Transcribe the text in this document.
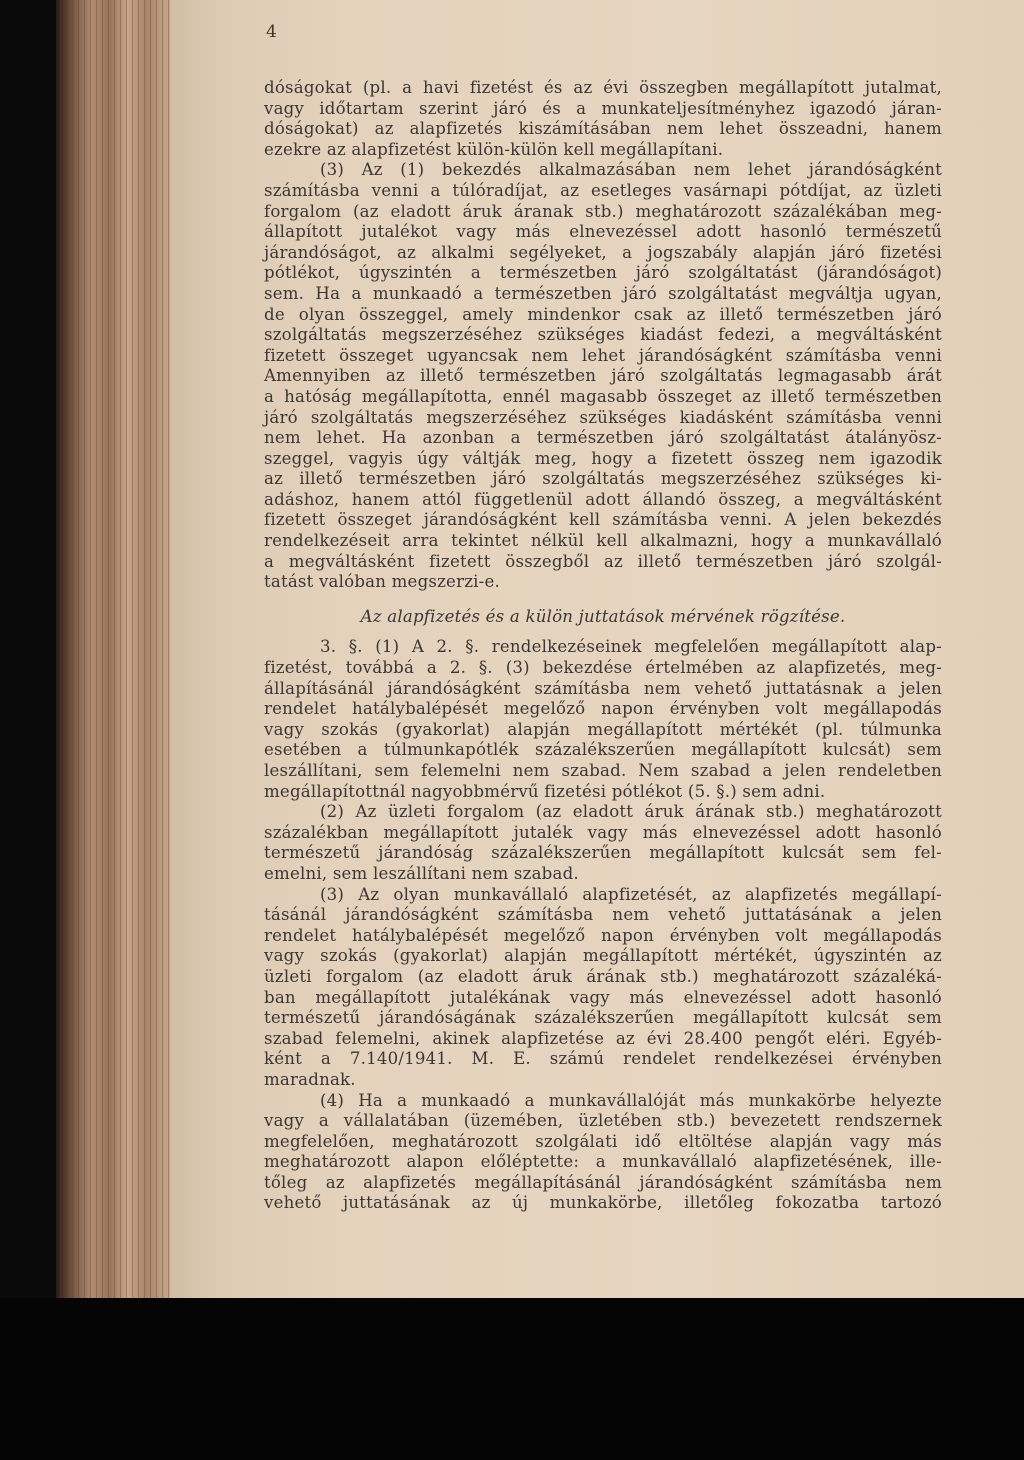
4
dóságokat (pl. a havi fizetést és az évi összegben megállapított jutalmat,
vagy időtartam szerint járó és a munkateljesítményhez igazodó járan-
dóságokat) az alapfizetés kiszámításában nem lehet összeadni, hanem
ezekre az alapfizetést külön-külön kell megállapítani.
(3) Az (1) bekezdés alkalmazásában nem lehet járandóságként
számításba venni a túlóradíjat, az esetleges vasárnapi pótdíjat, az üzleti
forgalom (az eladott áruk áranak stb.) meghatározott százalékában meg-
állapított jutalékot vagy más elnevezéssel adott hasonló természetű
járandóságot, az alkalmi segélyeket, a jogszabály alapján járó fizetési
pótlékot, úgyszintén a természetben járó szolgáltatást (járandóságot)
sem. Ha a munkaadó a természetben járó szolgáltatást megváltja ugyan,
de olyan összeggel, amely mindenkor csak az illető természetben járó
szolgáltatás megszerzéséhez szükséges kiadást fedezi, a megváltásként
fizetett összeget ugyancsak nem lehet járandóságként számításba venni
Amennyiben az illető természetben járó szolgáltatás legmagasabb árát
a hatóság megállapította, ennél magasabb összeget az illető természetben
járó szolgáltatás megszerzéséhez szükséges kiadásként számításba venni
nem lehet. Ha azonban a természetben járó szolgáltatást átalányösz-
szeggel, vagyis úgy váltják meg, hogy a fizetett összeg nem igazodik
az illető természetben járó szolgáltatás megszerzéséhez szükséges ki-
adáshoz, hanem attól függetlenül adott állandó összeg, a megváltásként
fizetett összeget járandóságként kell számításba venni. A jelen bekezdés
rendelkezéseit arra tekintet nélkül kell alkalmazni, hogy a munkavállaló
a megváltásként fizetett összegből az illető természetben járó szolgál-
tatást valóban megszerzi-e.
Az alapfizetés és a külön juttatások mérvének rögzítése.
3. §. (1) A 2. §. rendelkezéseinek megfelelően megállapított alap-
fizetést, továbbá a 2. §. (3) bekezdése értelmében az alapfizetés, meg-
állapításánál járandóságként számításba nem vehető juttatásnak a jelen
rendelet hatálybalépését megelőző napon érvényben volt megállapodás
vagy szokás (gyakorlat) alapján megállapított mértékét (pl. túlmunka
esetében a túlmunkapótlék százalékszerűen megállapított kulcsát) sem
leszállítani, sem felemelni nem szabad. Nem szabad a jelen rendeletben
megállapítottnál nagyobbmérvű fizetési pótlékot (5. §.) sem adni.
(2) Az üzleti forgalom (az eladott áruk árának stb.) meghatározott
százalékban megállapított jutalék vagy más elnevezéssel adott hasonló
természetű járandóság százalékszerűen megállapított kulcsát sem fel-
emelni, sem leszállítani nem szabad.
(3) Az olyan munkavállaló alapfizetését, az alapfizetés megállapí-
tásánál járandóságként számításba nem vehető juttatásának a jelen
rendelet hatálybalépését megelőző napon érvényben volt megállapodás
vagy szokás (gyakorlat) alapján megállapított mértékét, úgyszintén az
üzleti forgalom (az eladott áruk árának stb.) meghatározott százaléká-
ban megállapított jutalékának vagy más elnevezéssel adott hasonló
természetű járandóságának százalékszerűen megállapított kulcsát sem
szabad felemelni, akinek alapfizetése az évi 28.400 pengőt eléri. Egyéb-
ként a 7.140/1941. M. E. számú rendelet rendelkezései érvényben
maradnak.
(4) Ha a munkaadó a munkavállalóját más munkakörbe helyezte
vagy a vállalatában (üzemében, üzletében stb.) bevezetett rendszernek
megfelelően, meghatározott szolgálati idő eltöltése alapján vagy más
meghatározott alapon előléptette: a munkavállaló alapfizetésének, ille-
tőleg az alapfizetés megállapításánál járandóságként számításba nem
vehető juttatásának az új munkakörbe, illetőleg fokozatba tartozó
